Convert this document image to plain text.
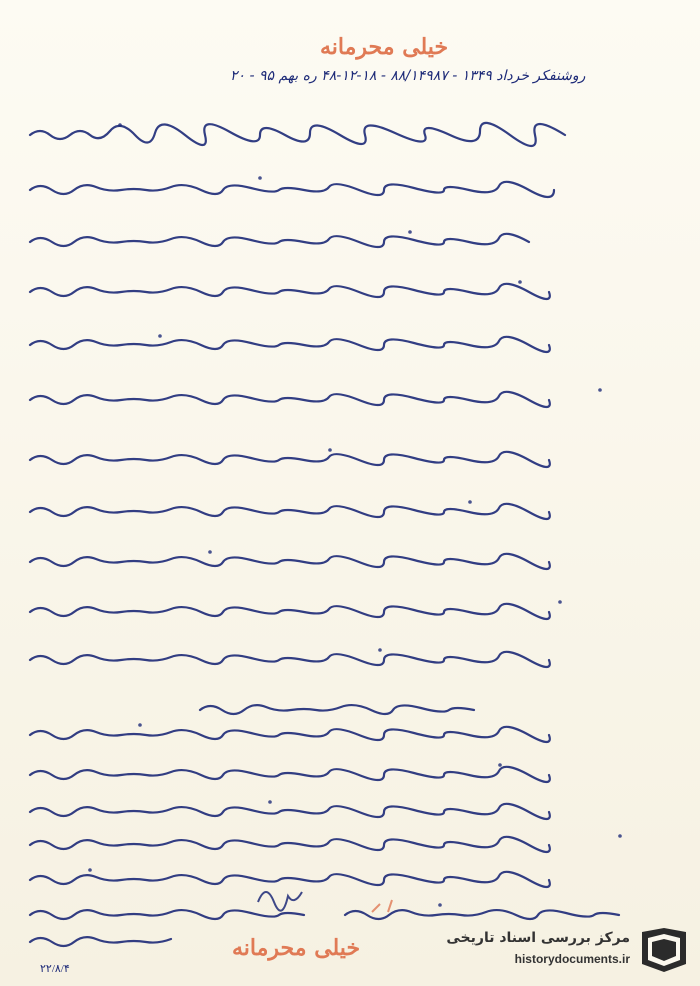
خیلی محرمانه
روشنفکر خرداد ۱۳۴۹ - ۸۸/۱۴۹۸۷ - ۱۸-۱۲-۴۸ ر‌ه بهم ۹۵ - ۲۰
خیلی محرمانه
۲۲/۸/۴
مرکز بررسی اسناد تاریخی
historydocuments.ir
